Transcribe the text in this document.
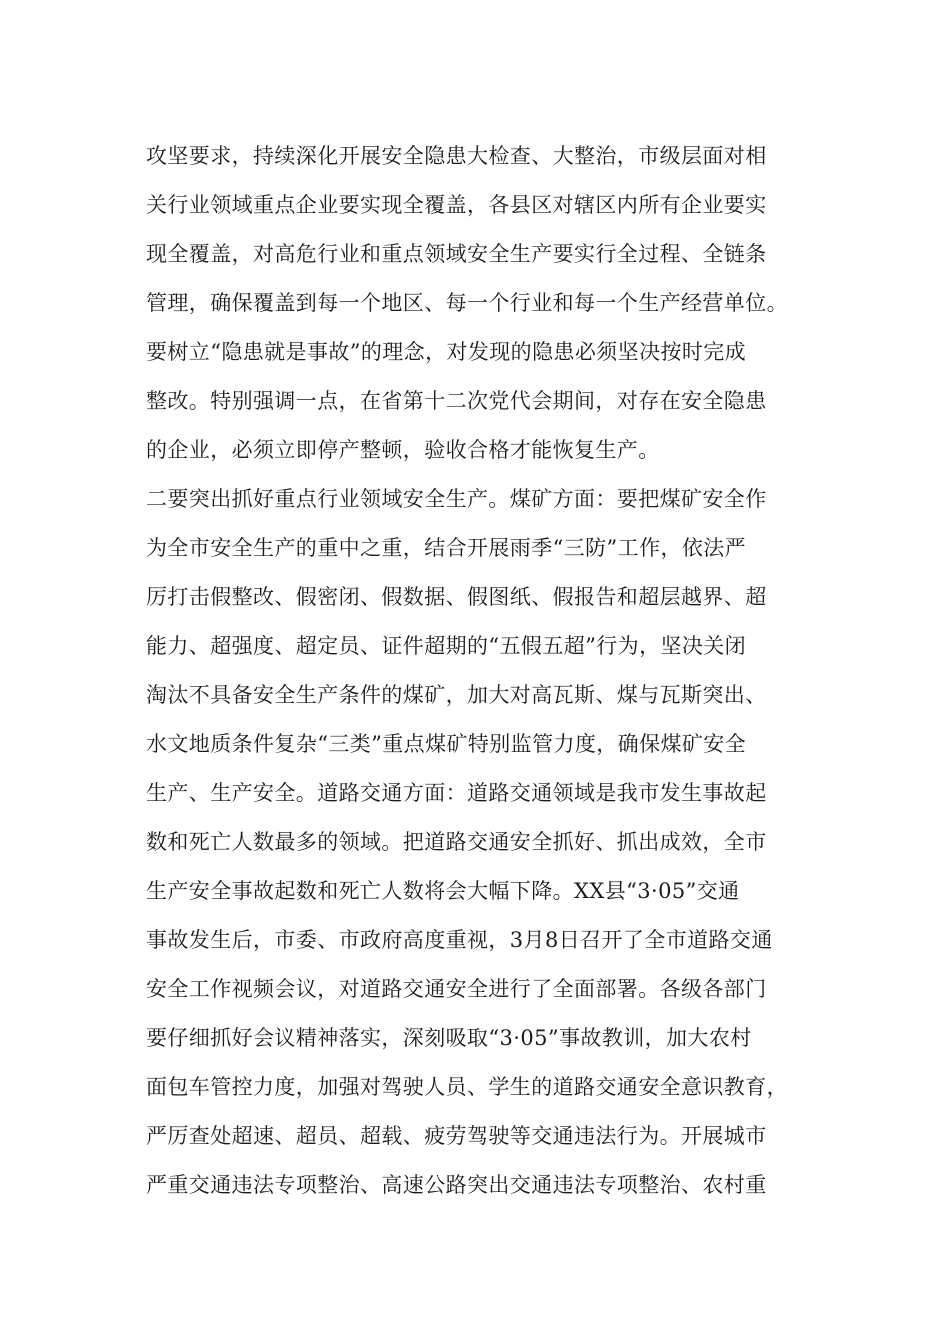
攻坚要求，持续深化开展安全隐患大检查、大整治，市级层面对相
关行业领域重点企业要实现全覆盖，各县区对辖区内所有企业要实
现全覆盖，对高危行业和重点领域安全生产要实行全过程、全链条
管理，确保覆盖到每一个地区、每一个行业和每一个生产经营单位。
要树立“隐患就是事故”的理念，对发现的隐患必须坚决按时完成
整改。特别强调一点，在省第十二次党代会期间，对存在安全隐患
的企业，必须立即停产整顿，验收合格才能恢复生产。
二要突出抓好重点行业领域安全生产。煤矿方面：要把煤矿安全作
为全市安全生产的重中之重，结合开展雨季“三防”工作，依法严
厉打击假整改、假密闭、假数据、假图纸、假报告和超层越界、超
能力、超强度、超定员、证件超期的“五假五超”行为，坚决关闭
淘汰不具备安全生产条件的煤矿，加大对高瓦斯、煤与瓦斯突出、
水文地质条件复杂“三类”重点煤矿特别监管力度，确保煤矿安全
生产、生产安全。道路交通方面：道路交通领域是我市发生事故起
数和死亡人数最多的领域。把道路交通安全抓好、抓出成效，全市
生产安全事故起数和死亡人数将会大幅下降。XX县“3·05”交通
事故发生后，市委、市政府高度重视，3月8日召开了全市道路交通
安全工作视频会议，对道路交通安全进行了全面部署。各级各部门
要仔细抓好会议精神落实，深刻吸取“3·05”事故教训，加大农村
面包车管控力度，加强对驾驶人员、学生的道路交通安全意识教育，
严厉查处超速、超员、超载、疲劳驾驶等交通违法行为。开展城市
严重交通违法专项整治、高速公路突出交通违法专项整治、农村重
